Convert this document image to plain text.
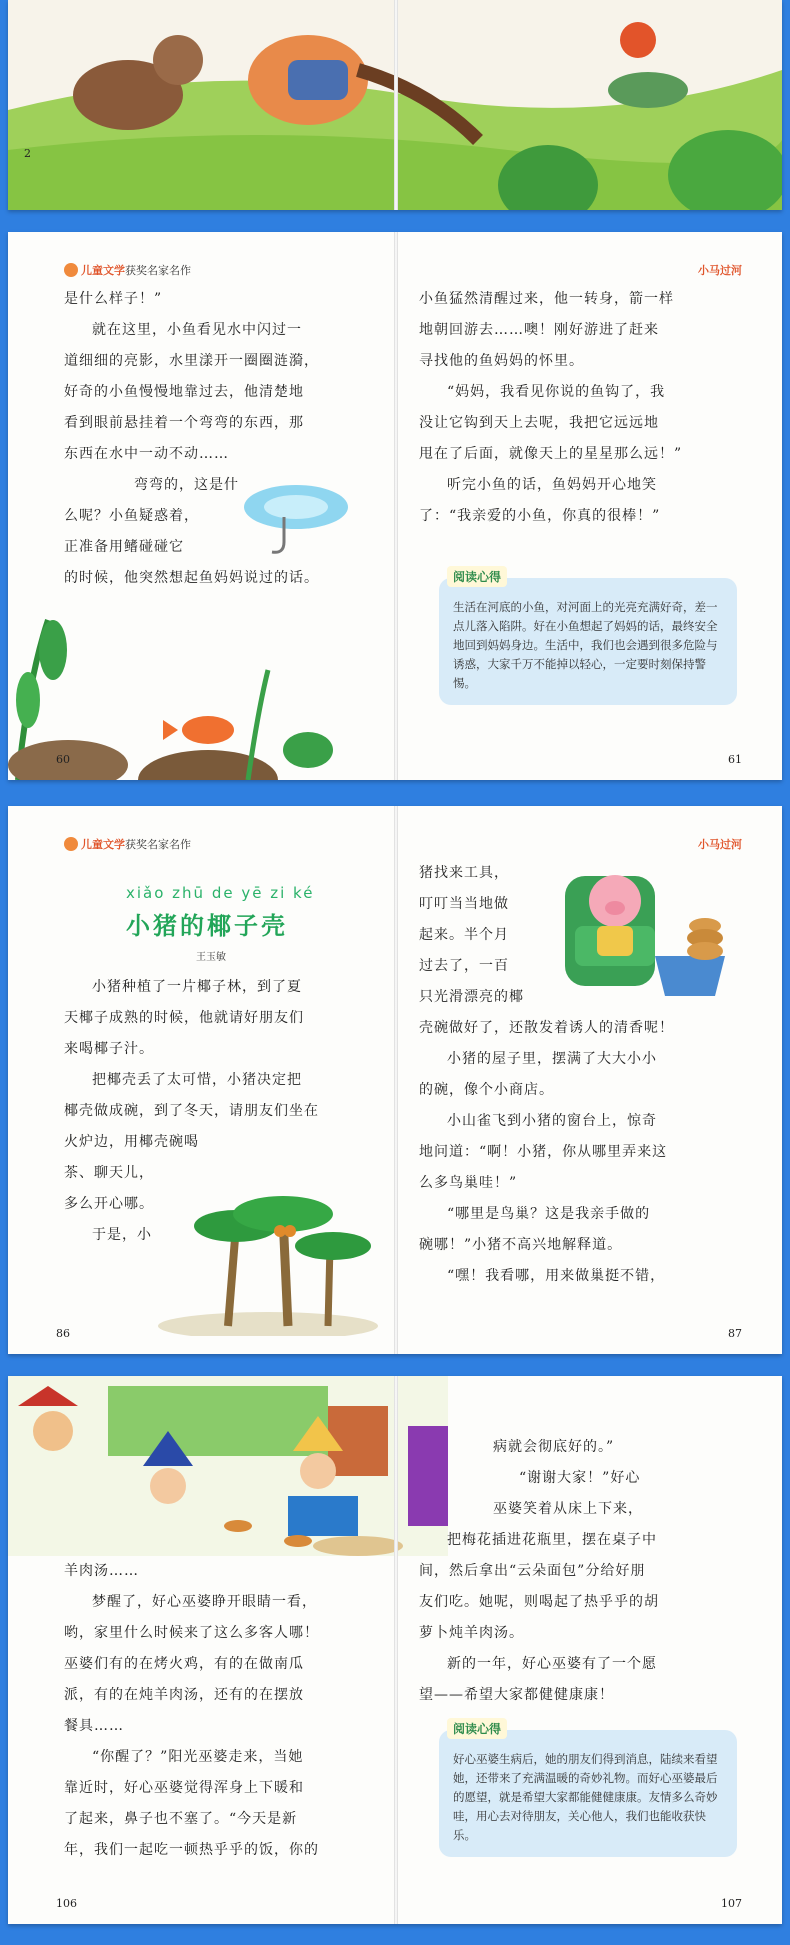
2
儿童文学获奖名家名作

是什么样子！”

就在这里，小鱼看见水中闪过一

道细细的亮影，水里漾开一圈圈涟漪，

好奇的小鱼慢慢地靠过去，他清楚地

看到眼前悬挂着一个弯弯的东西，那

东西在水中一动不动……

弯弯的，这是什

么呢？小鱼疑惑着，

正准备用鳍碰碰它

的时候，他突然想起鱼妈妈说过的话。

60
小马过河

小鱼猛然清醒过来，他一转身，箭一样

地朝回游去……噢！刚好游进了赶来

寻找他的鱼妈妈的怀里。

“妈妈，我看见你说的鱼钩了，我

没让它钩到天上去呢，我把它远远地

甩在了后面，就像天上的星星那么远！”

听完小鱼的话，鱼妈妈开心地笑

了：“我亲爱的小鱼，你真的很棒！”

生活在河底的小鱼，对河面上的光亮充满好奇，差一点儿落入陷阱。好在小鱼想起了妈妈的话，最终安全地回到妈妈身边。生活中，我们也会遇到很多危险与诱惑，大家千万不能掉以轻心，一定要时刻保持警惕。
阅读心得
61
儿童文学获奖名家名作
xiǎo zhū de yē zi ké
小猪的椰子壳
王玉敏

小猪种植了一片椰子林，到了夏

天椰子成熟的时候，他就请好朋友们

来喝椰子汁。

把椰壳丢了太可惜，小猪决定把

椰壳做成碗，到了冬天，请朋友们坐在

火炉边，用椰壳碗喝

茶、聊天儿，

多么开心哪。

于是，小

86
小马过河

猪找来工具，

叮叮当当地做

起来。半个月

过去了，一百

只光滑漂亮的椰

壳碗做好了，还散发着诱人的清香呢！

小猪的屋子里，摆满了大大小小

的碗，像个小商店。

小山雀飞到小猪的窗台上，惊奇

地问道：“啊！小猪，你从哪里弄来这

么多鸟巢哇！”

“哪里是鸟巢？这是我亲手做的

碗哪！”小猪不高兴地解释道。

“嘿！我看哪，用来做巢挺不错，

87

羊肉汤……

梦醒了，好心巫婆睁开眼睛一看，

哟，家里什么时候来了这么多客人哪！

巫婆们有的在烤火鸡，有的在做南瓜

派，有的在炖羊肉汤，还有的在摆放

餐具……

“你醒了？”阳光巫婆走来，当她

靠近时，好心巫婆觉得浑身上下暖和

了起来，鼻子也不塞了。“今天是新

年，我们一起吃一顿热乎乎的饭，你的

106

病就会彻底好的。”

“谢谢大家！”好心

巫婆笑着从床上下来，

把梅花插进花瓶里，摆在桌子中

间，然后拿出“云朵面包”分给好朋

友们吃。她呢，则喝起了热乎乎的胡

萝卜炖羊肉汤。

新的一年，好心巫婆有了一个愿

望——希望大家都健健康康！

好心巫婆生病后，她的朋友们得到消息，陆续来看望她，还带来了充满温暖的奇妙礼物。而好心巫婆最后的愿望，就是希望大家都能健健康康。友情多么奇妙哇，用心去对待朋友，关心他人，我们也能收获快乐。
阅读心得
107
